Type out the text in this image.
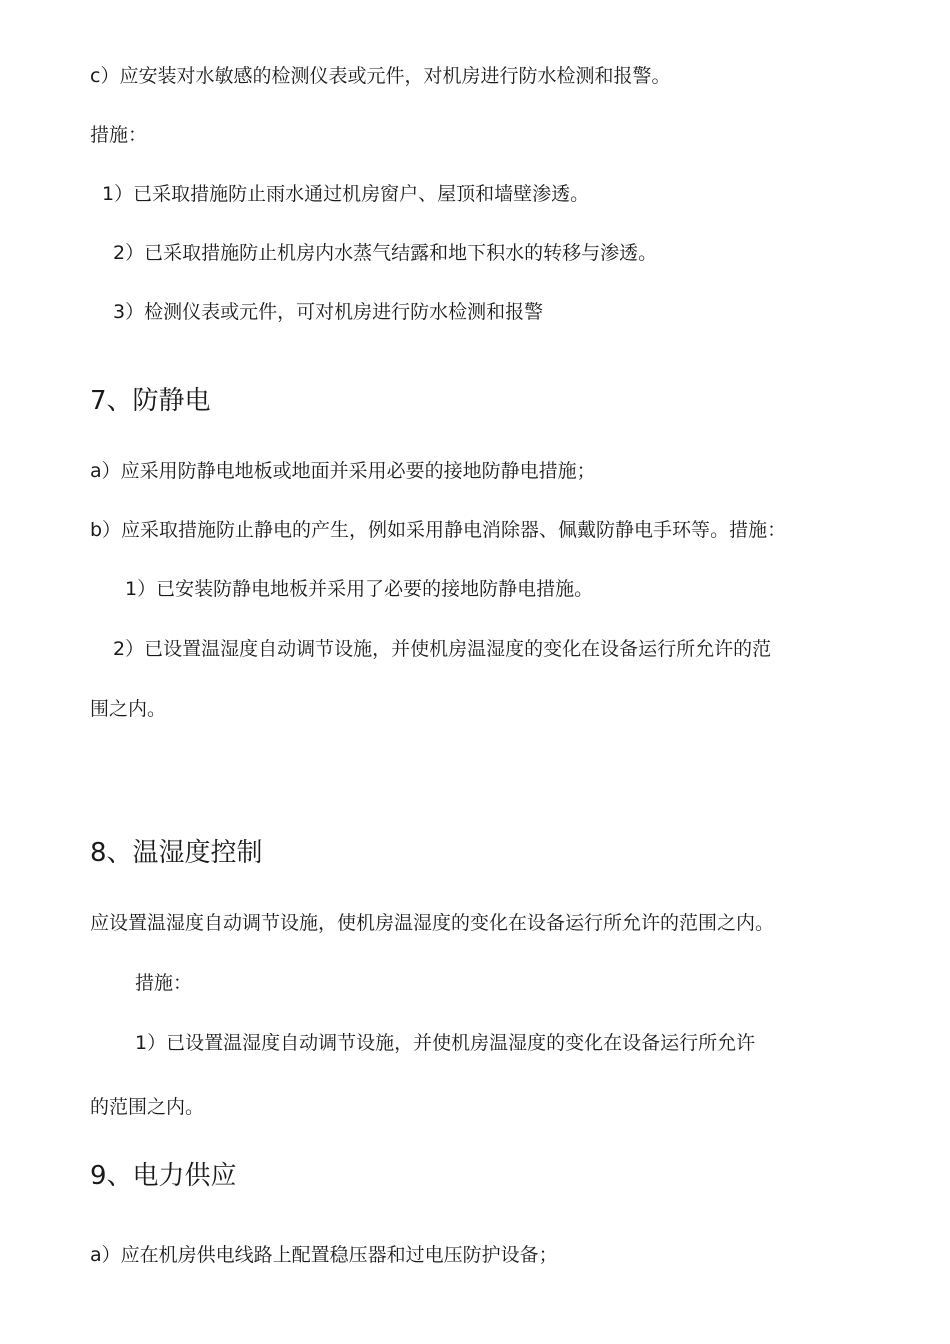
c）应安装对水敏感的检测仪表或元件，对机房进行防水检测和报警。
措施：
1）已采取措施防止雨水通过机房窗户、屋顶和墙壁渗透。
2）已采取措施防止机房内水蒸气结露和地下积水的转移与渗透。
3）检测仪表或元件，可对机房进行防水检测和报警
7、防静电
a）应采用防静电地板或地面并采用必要的接地防静电措施；
b）应采取措施防止静电的产生，例如采用静电消除器、佩戴防静电手环等。措施：
1）已安装防静电地板并采用了必要的接地防静电措施。
2）已设置温湿度自动调节设施，并使机房温湿度的变化在设备运行所允许的范
围之内。
8、温湿度控制
应设置温湿度自动调节设施，使机房温湿度的变化在设备运行所允许的范围之内。
措施：
1）已设置温湿度自动调节设施，并使机房温湿度的变化在设备运行所允许
的范围之内。
9、电力供应
a）应在机房供电线路上配置稳压器和过电压防护设备；
